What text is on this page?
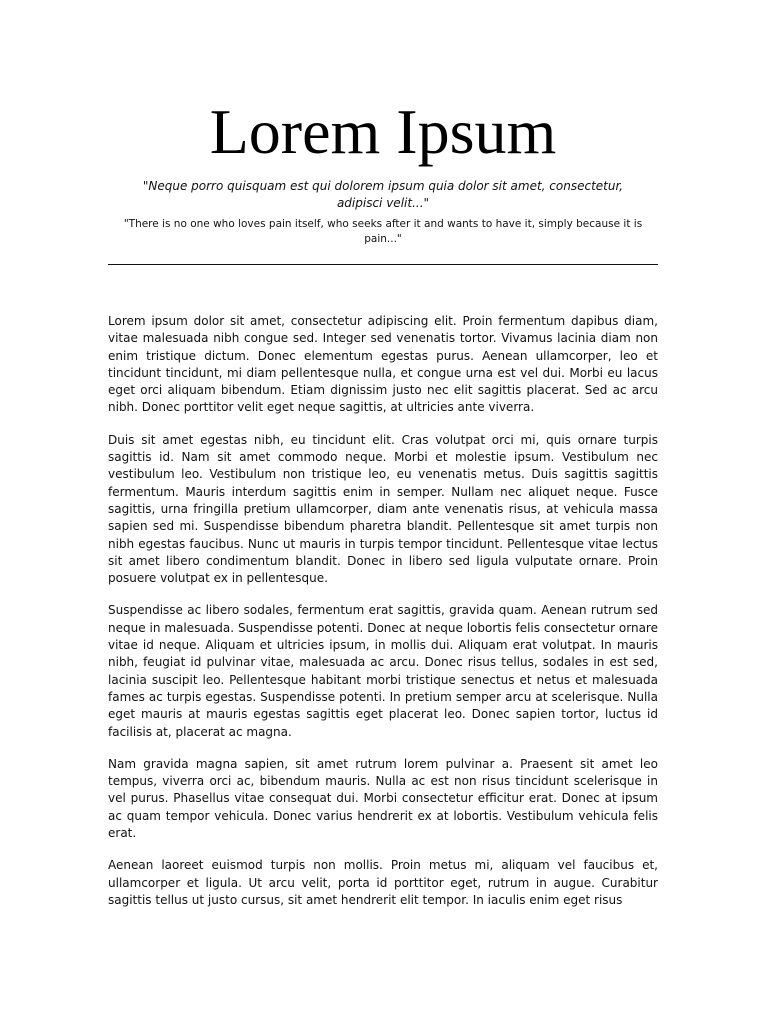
Lorem Ipsum

"Neque porro quisquam est qui dolorem ipsum quia dolor sit amet, consectetur, adipisci velit..."

"There is no one who loves pain itself, who seeks after it and wants to have it, simply because it is pain..."

Lorem ipsum dolor sit amet, consectetur adipiscing elit. Proin fermentum dapibus diam, vitae malesuada nibh congue sed. Integer sed venenatis tortor. Vivamus lacinia diam non enim tristique dictum. Donec elementum egestas purus. Aenean ullamcorper, leo et tincidunt tincidunt, mi diam pellentesque nulla, et congue urna est vel dui. Morbi eu lacus eget orci aliquam bibendum. Etiam dignissim justo nec elit sagittis placerat. Sed ac arcu nibh. Donec porttitor velit eget neque sagittis, at ultricies ante viverra.

Duis sit amet egestas nibh, eu tincidunt elit. Cras volutpat orci mi, quis ornare turpis sagittis id. Nam sit amet commodo neque. Morbi et molestie ipsum. Vestibulum nec vestibulum leo. Vestibulum non tristique leo, eu venenatis metus. Duis sagittis sagittis fermentum. Mauris interdum sagittis enim in semper. Nullam nec aliquet neque. Fusce sagittis, urna fringilla pretium ullamcorper, diam ante venenatis risus, at vehicula massa sapien sed mi. Suspendisse bibendum pharetra blandit. Pellentesque sit amet turpis non nibh egestas faucibus. Nunc ut mauris in turpis tempor tincidunt. Pellentesque vitae lectus sit amet libero condimentum blandit. Donec in libero sed ligula vulputate ornare. Proin posuere volutpat ex in pellentesque.

Suspendisse ac libero sodales, fermentum erat sagittis, gravida quam. Aenean rutrum sed neque in malesuada. Suspendisse potenti. Donec at neque lobortis felis consectetur ornare vitae id neque. Aliquam et ultricies ipsum, in mollis dui. Aliquam erat volutpat. In mauris nibh, feugiat id pulvinar vitae, malesuada ac arcu. Donec risus tellus, sodales in est sed, lacinia suscipit leo. Pellentesque habitant morbi tristique senectus et netus et malesuada fames ac turpis egestas. Suspendisse potenti. In pretium semper arcu at scelerisque. Nulla eget mauris at mauris egestas sagittis eget placerat leo. Donec sapien tortor, luctus id facilisis at, placerat ac magna.

Nam gravida magna sapien, sit amet rutrum lorem pulvinar a. Praesent sit amet leo tempus, viverra orci ac, bibendum mauris. Nulla ac est non risus tincidunt scelerisque in vel purus. Phasellus vitae consequat dui. Morbi consectetur efficitur erat. Donec at ipsum ac quam tempor vehicula. Donec varius hendrerit ex at lobortis. Vestibulum vehicula felis erat.

Aenean laoreet euismod turpis non mollis. Proin metus mi, aliquam vel faucibus et, ullamcorper et ligula. Ut arcu velit, porta id porttitor eget, rutrum in augue. Curabitur sagittis tellus ut justo cursus, sit amet hendrerit elit tempor. In iaculis enim eget risus
